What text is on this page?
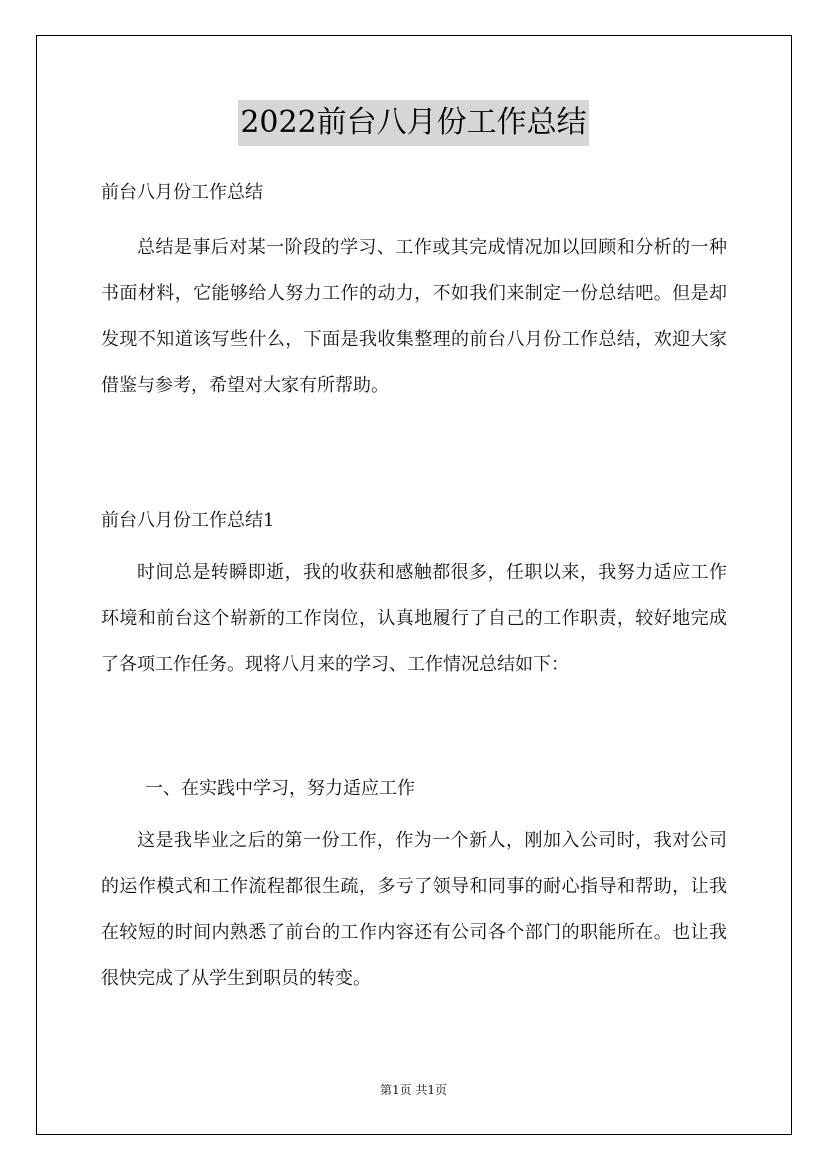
2022前台八月份工作总结
前台八月份工作总结

总结是事后对某一阶段的学习、工作或其完成情况加以回顾和分析的一种书面材料，它能够给人努力工作的动力，不如我们来制定一份总结吧。但是却发现不知道该写些什么，下面是我收集整理的前台八月份工作总结，欢迎大家借鉴与参考，希望对大家有所帮助。

前台八月份工作总结1

时间总是转瞬即逝，我的收获和感触都很多，任职以来，我努力适应工作环境和前台这个崭新的工作岗位，认真地履行了自己的工作职责，较好地完成了各项工作任务。现将八月来的学习、工作情况总结如下：

一、在实践中学习，努力适应工作

这是我毕业之后的第一份工作，作为一个新人，刚加入公司时，我对公司的运作模式和工作流程都很生疏，多亏了领导和同事的耐心指导和帮助，让我在较短的时间内熟悉了前台的工作内容还有公司各个部门的职能所在。也让我很快完成了从学生到职员的转变。

第1页 共1页
